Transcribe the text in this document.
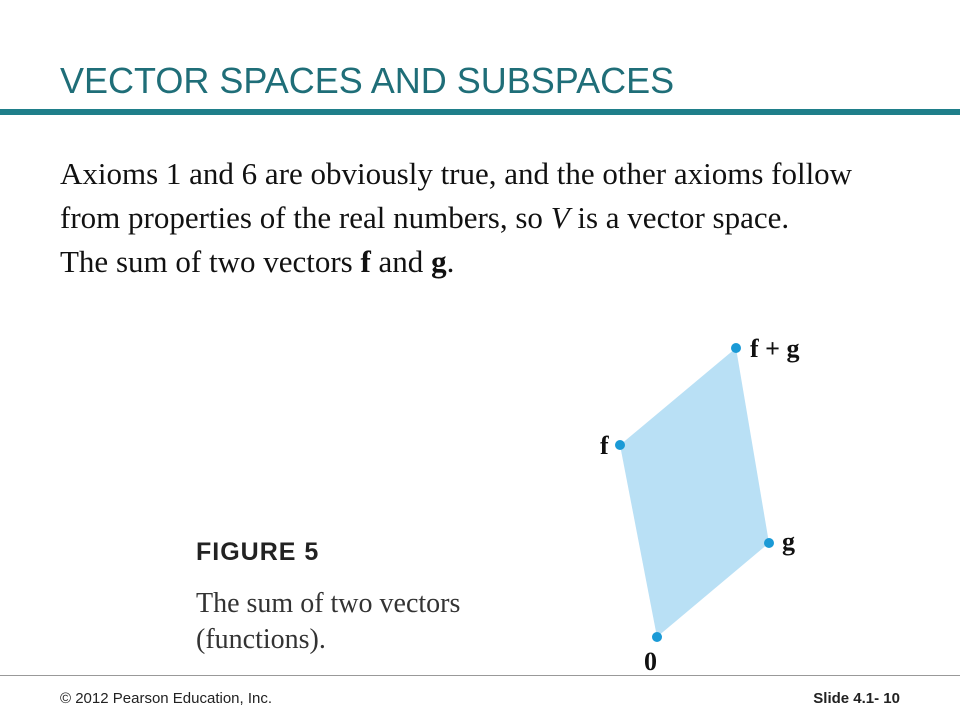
VECTOR SPACES AND SUBSPACES

Axioms 1 and 6 are obviously true, and the other axioms follow from properties of the real numbers, so V is a vector space.

The sum of two vectors f and g.

f + g
f
g
0
FIGURE 5
The sum of two vectors (functions).
© 2012 Pearson Education, Inc.	Slide 4.1- 10
